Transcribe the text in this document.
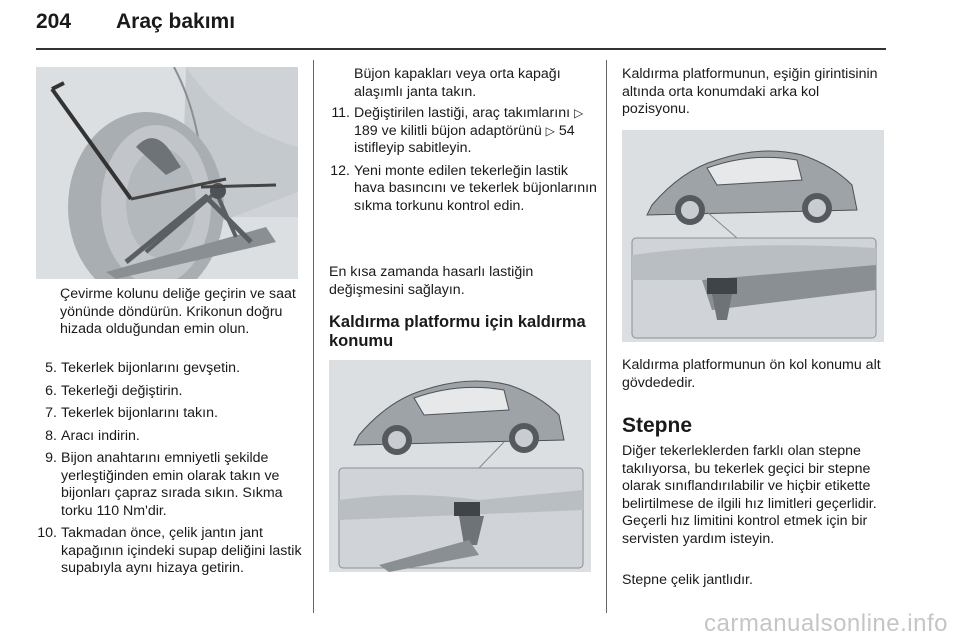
204 Araç bakımı

Çevirme kolunu deliğe geçirin ve saat yönünde döndürün. Krikonun doğru hizada olduğundan emin olun.

5. Tekerlek bijonlarını gevşetin.
6. Tekerleği değiştirin.
7. Tekerlek bijonlarını takın.
8. Aracı indirin.
9. Bijon anahtarını emniyetli şekilde yerleştiğinden emin olarak takın ve bijonları çapraz sırada sıkın. Sıkma torku 110 Nm'dir.
10. Takmadan önce, çelik jantın jant kapağının içindeki supap deliğini lastik supabıyla aynı hizaya getirin.

Büjon kapakları veya orta kapağı alaşımlı janta takın.

11. Değiştirilen lastiği, araç takımlarını ▷ 189 ve kilitli büjon adaptörünü ▷ 54 istifleyip sabitleyin.
12. Yeni monte edilen tekerleğin lastik hava basıncını ve tekerlek büjonlarının sıkma torkunu kontrol edin.

En kısa zamanda hasarlı lastiğin değişmesini sağlayın.

Kaldırma platformu için kaldırma konumu

Kaldırma platformunun, eşiğin girintisinin altında orta konumdaki arka kol pozisyonu.

Kaldırma platformunun ön kol konumu alt gövdededir.

Stepne

Diğer tekerleklerden farklı olan stepne takılıyorsa, bu tekerlek geçici bir stepne olarak sınıflandırılabilir ve hiçbir etikette belirtilmese de ilgili hız limitleri geçerlidir. Geçerli hız limitini kontrol etmek için bir servisten yardım isteyin.

Stepne çelik jantlıdır.

carmanualsonline.info
